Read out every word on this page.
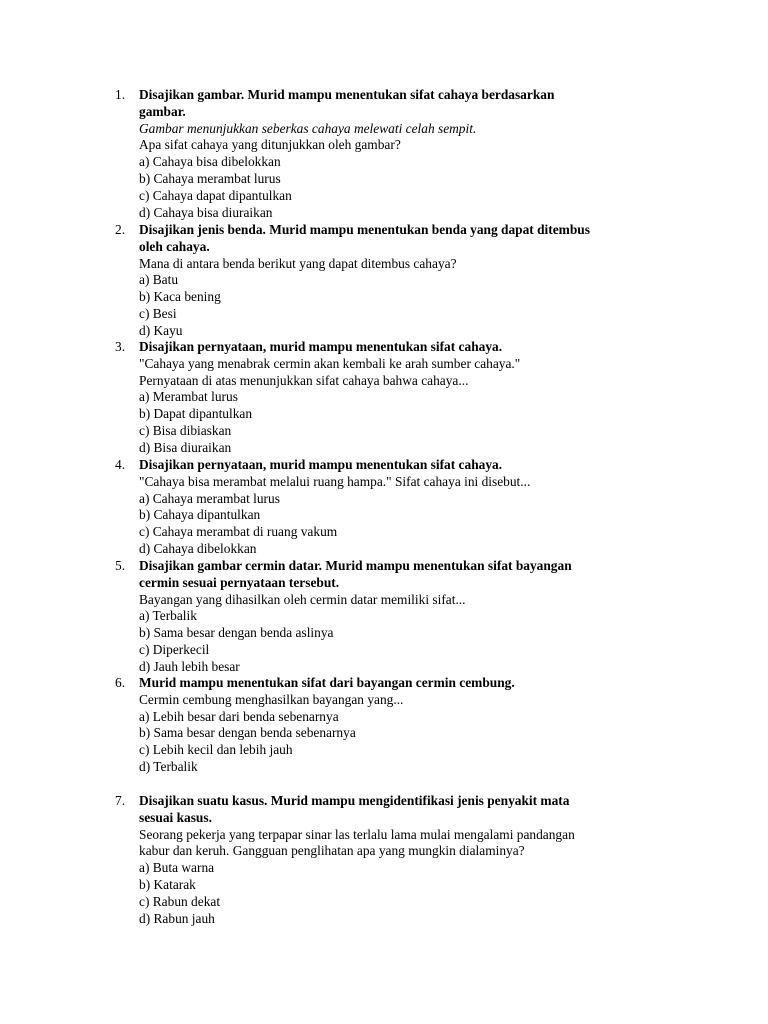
1. Disajikan gambar. Murid mampu menentukan sifat cahaya berdasarkan
gambar.
Gambar menunjukkan seberkas cahaya melewati celah sempit.
Apa sifat cahaya yang ditunjukkan oleh gambar?
a) Cahaya bisa dibelokkan
b) Cahaya merambat lurus
c) Cahaya dapat dipantulkan
d) Cahaya bisa diuraikan
2. Disajikan jenis benda. Murid mampu menentukan benda yang dapat ditembus
oleh cahaya.
Mana di antara benda berikut yang dapat ditembus cahaya?
a) Batu
b) Kaca bening
c) Besi
d) Kayu
3. Disajikan pernyataan, murid mampu menentukan sifat cahaya.
"Cahaya yang menabrak cermin akan kembali ke arah sumber cahaya."
Pernyataan di atas menunjukkan sifat cahaya bahwa cahaya...
a) Merambat lurus
b) Dapat dipantulkan
c) Bisa dibiaskan
d) Bisa diuraikan
4. Disajikan pernyataan, murid mampu menentukan sifat cahaya.
"Cahaya bisa merambat melalui ruang hampa." Sifat cahaya ini disebut...
a) Cahaya merambat lurus
b) Cahaya dipantulkan
c) Cahaya merambat di ruang vakum
d) Cahaya dibelokkan
5. Disajikan gambar cermin datar. Murid mampu menentukan sifat bayangan
cermin sesuai pernyataan tersebut.
Bayangan yang dihasilkan oleh cermin datar memiliki sifat...
a) Terbalik
b) Sama besar dengan benda aslinya
c) Diperkecil
d) Jauh lebih besar
6. Murid mampu menentukan sifat dari bayangan cermin cembung.
Cermin cembung menghasilkan bayangan yang...
a) Lebih besar dari benda sebenarnya
b) Sama besar dengan benda sebenarnya
c) Lebih kecil dan lebih jauh
d) Terbalik
7. Disajikan suatu kasus. Murid mampu mengidentifikasi jenis penyakit mata
sesuai kasus.
Seorang pekerja yang terpapar sinar las terlalu lama mulai mengalami pandangan
kabur dan keruh. Gangguan penglihatan apa yang mungkin dialaminya?
a) Buta warna
b) Katarak
c) Rabun dekat
d) Rabun jauh
